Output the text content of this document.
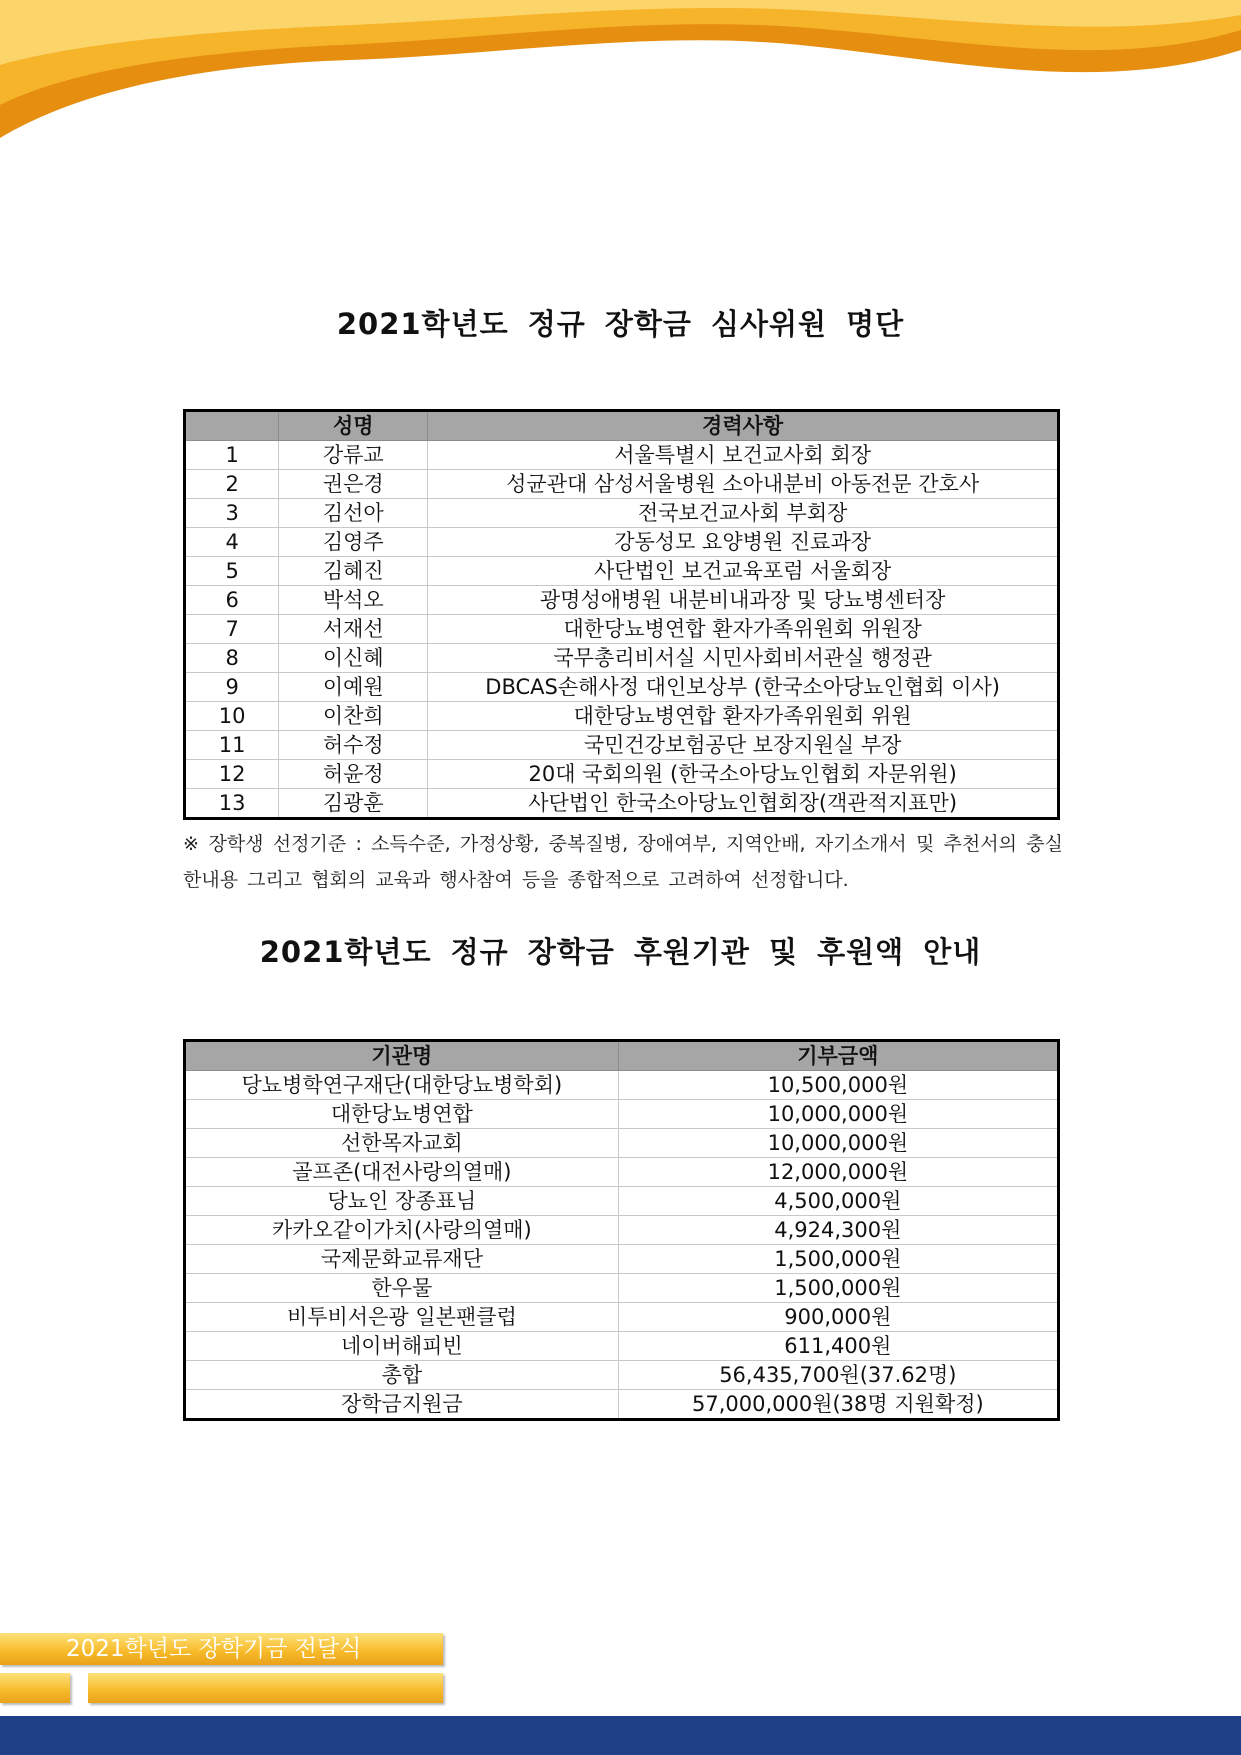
2021학년도 정규 장학금 심사위원 명단
	성명	경력사항
1	강류교	서울특별시 보건교사회 회장
2	권은경	성균관대 삼성서울병원 소아내분비 아동전문 간호사
3	김선아	전국보건교사회 부회장
4	김영주	강동성모 요양병원 진료과장
5	김혜진	사단법인 보건교육포럼 서울회장
6	박석오	광명성애병원 내분비내과장 및 당뇨병센터장
7	서재선	대한당뇨병연합 환자가족위원회 위원장
8	이신혜	국무총리비서실 시민사회비서관실 행정관
9	이예원	DBCAS손해사정 대인보상부 (한국소아당뇨인협회 이사)
10	이찬희	대한당뇨병연합 환자가족위원회 위원
11	허수정	국민건강보험공단 보장지원실 부장
12	허윤정	20대 국회의원 (한국소아당뇨인협회 자문위원)
13	김광훈	사단법인 한국소아당뇨인협회장(객관적지표만)
※ 장학생 선정기준 : 소득수준, 가정상황, 중복질병, 장애여부, 지역안배, 자기소개서 및 추천서의 충실한내용 그리고 협회의 교육과 행사참여 등을 종합적으로 고려하여 선정합니다.
2021학년도 정규 장학금 후원기관 및 후원액 안내
기관명	기부금액
당뇨병학연구재단(대한당뇨병학회)	10,500,000원
대한당뇨병연합	10,000,000원
선한목자교회	10,000,000원
골프존(대전사랑의열매)	12,000,000원
당뇨인 장종표님	4,500,000원
카카오같이가치(사랑의열매)	4,924,300원
국제문화교류재단	1,500,000원
한우물	1,500,000원
비투비서은광 일본팬클럽	900,000원
네이버해피빈	611,400원
총합	56,435,700원(37.62명)
장학금지원금	57,000,000원(38명 지원확정)
2021학년도 장학기금 전달식
